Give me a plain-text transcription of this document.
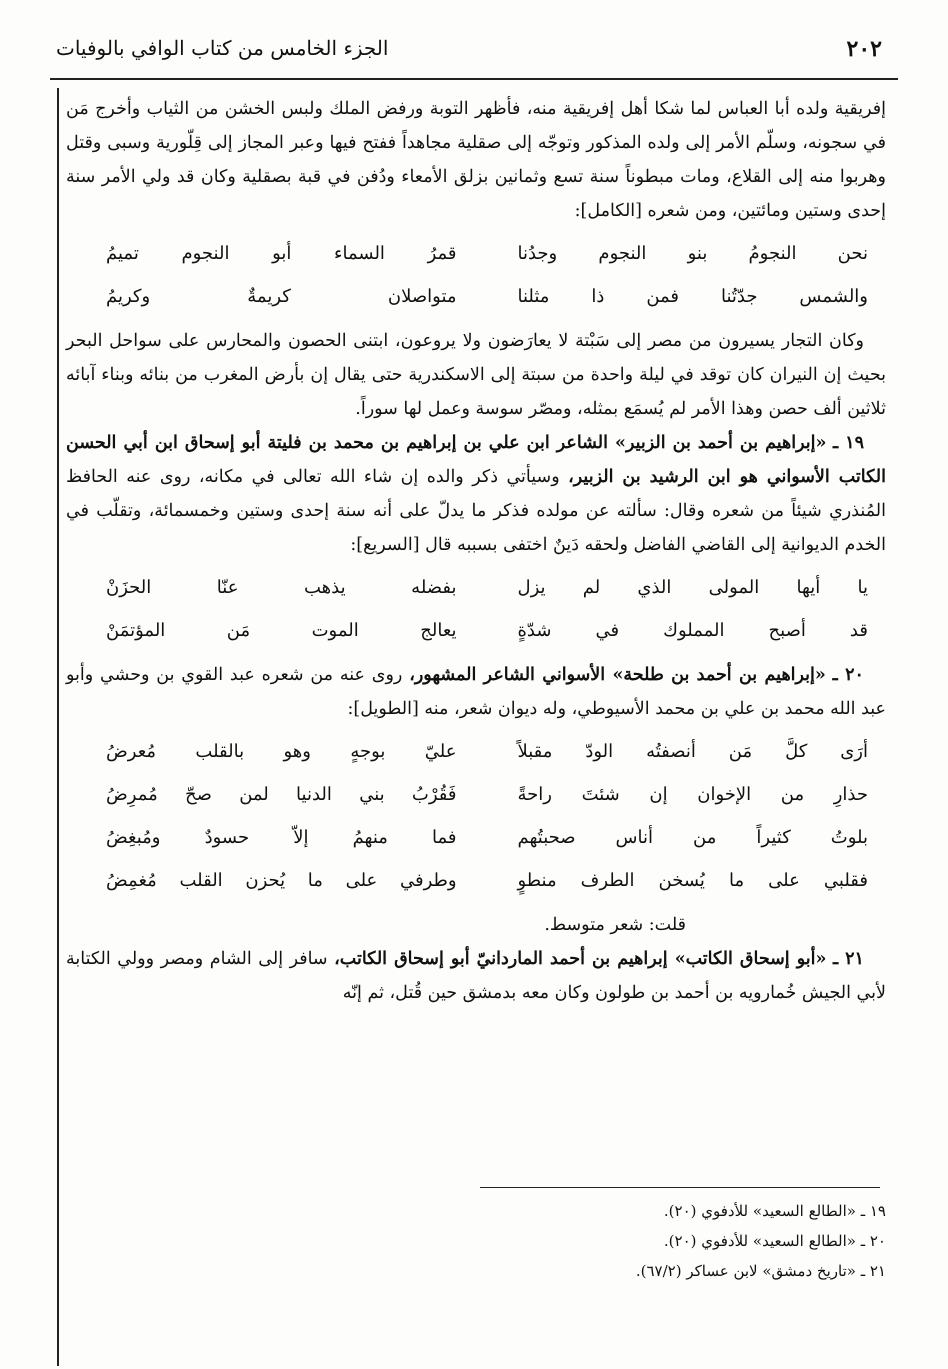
٢٠٢
الجزء الخامس من كتاب الوافي بالوفيات

إفريقية ولده أبا العباس لما شكا أهل إفريقية منه، فأظهر التوبة ورفض الملك ولبس الخشن من الثياب وأخرج مَن في سجونه، وسلّم الأمر إلى ولده المذكور وتوجّه إلى صقلية مجاهداً ففتح فيها وعبر المجاز إلى قِلّورية وسبى وقتل وهربوا منه إلى القلاع، ومات مبطوناً سنة تسع وثمانين بزلق الأمعاء ودُفن في قبة بصقلية وكان قد ولي الأمر سنة إحدى وستين ومائتين، ومن شعره [الكامل]:

نحن النجومُ بنو النجوم وجدُنا
قمرُ السماء أبو النجوم تميمُ
والشمس جدّتُنا فمن ذا مثلنا
متواصلان كريمةٌ وكريمُ

وكان التجار يسيرون من مصر إلى سَبْتة لا يعارَضون ولا يروعون، ابتنى الحصون والمحارس على سواحل البحر بحيث إن النيران كان توقد في ليلة واحدة من سبتة إلى الاسكندرية حتى يقال إن بأرض المغرب من بنائه وبناء آبائه ثلاثين ألف حصن وهذا الأمر لم يُسمَع بمثله، ومصّر سوسة وعمل لها سوراً.

١٩ ـ «إبراهيم بن أحمد بن الزبير» الشاعر ابن علي بن إبراهيم بن محمد بن فليتة أبو إسحاق ابن أبي الحسن الكاتب الأسواني هو ابن الرشيد بن الزبير، وسيأتي ذكر والده إن شاء الله تعالى في مكانه، روى عنه الحافظ المُنذري شيئاً من شعره وقال: سألته عن مولده فذكر ما يدلّ على أنه سنة إحدى وستين وخمسمائة، وتقلّب في الخدم الديوانية إلى القاضي الفاضل ولحقه دَينٌ اختفى بسببه قال [السريع]:

يا أيها المولى الذي لم يزل
بفضله يذهب عنّا الحزَنْ
قد أصبح المملوك في شدّةٍ
يعالج الموت مَن المؤتمَنْ

٢٠ ـ «إبراهيم بن أحمد بن طلحة» الأسواني الشاعر المشهور، روى عنه من شعره عبد القوي بن وحشي وأبو عبد الله محمد بن علي بن محمد الأسيوطي، وله ديوان شعر، منه [الطويل]:

أرَى كلَّ مَن أنصفتُه الودّ مقبلاً
عليّ بوجهٍ وهو بالقلب مُعرضُ
حذارِ من الإخوان إن شئتَ راحةً
فَقُرْبُ بني الدنيا لمن صحّ مُمرِضُ
بلوتُ كثيراً من أناس صحبتُهم
فما منهمُ إلاّ حسودٌ ومُبغِضُ
فقلبي على ما يُسخن الطرف منطوٍ
وطرفي على ما يُحزن القلب مُغمِضُ

قلت: شعر متوسط.

٢١ ـ «أبو إسحاق الكاتب» إبراهيم بن أحمد الماردانيّ أبو إسحاق الكاتب، سافر إلى الشام ومصر وولي الكتابة لأبي الجيش خُمارويه بن أحمد بن طولون وكان معه بدمشق حين قُتل، ثم إنّه

١٩ ـ «الطالع السعيد» للأدفوي (٢٠).
٢٠ ـ «الطالع السعيد» للأدفوي (٢٠).
٢١ ـ «تاريخ دمشق» لابن عساكر (٦٧/٢).
